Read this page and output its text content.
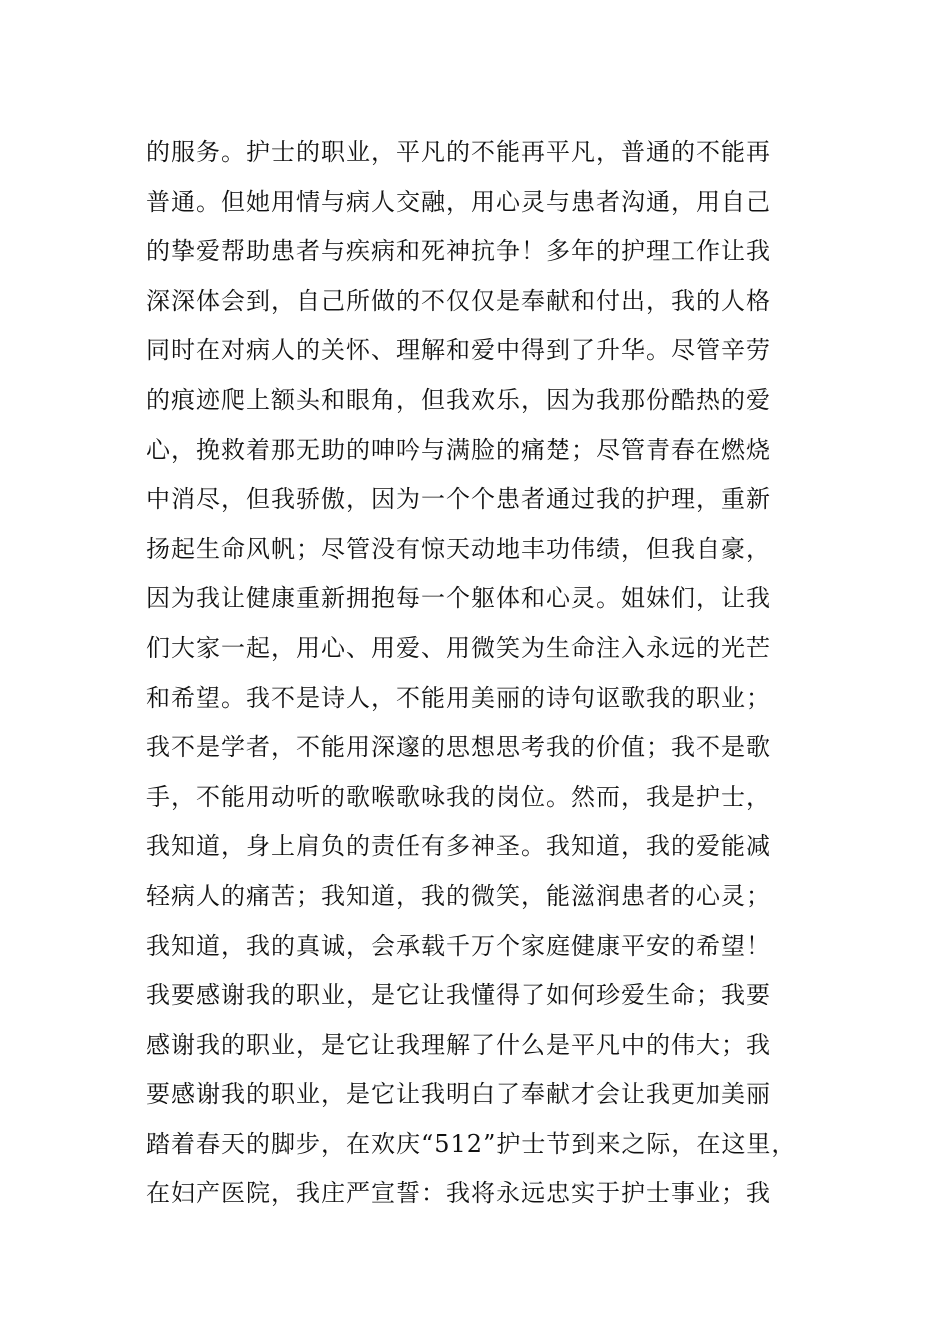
的服务。护士的职业，平凡的不能再平凡，普通的不能再
普通。但她用情与病人交融，用心灵与患者沟通，用自己
的挚爱帮助患者与疾病和死神抗争！多年的护理工作让我
深深体会到，自己所做的不仅仅是奉献和付出，我的人格
同时在对病人的关怀、理解和爱中得到了升华。尽管辛劳
的痕迹爬上额头和眼角，但我欢乐，因为我那份酷热的爱
心，挽救着那无助的呻吟与满脸的痛楚；尽管青春在燃烧
中消尽，但我骄傲，因为一个个患者通过我的护理，重新
扬起生命风帆；尽管没有惊天动地丰功伟绩，但我自豪，
因为我让健康重新拥抱每一个躯体和心灵。姐妹们，让我
们大家一起，用心、用爱、用微笑为生命注入永远的光芒
和希望。我不是诗人，不能用美丽的诗句讴歌我的职业；
我不是学者，不能用深邃的思想思考我的价值；我不是歌
手，不能用动听的歌喉歌咏我的岗位。然而，我是护士，
我知道，身上肩负的责任有多神圣。我知道，我的爱能减
轻病人的痛苦；我知道，我的微笑，能滋润患者的心灵；
我知道，我的真诚，会承载千万个家庭健康平安的希望！
我要感谢我的职业，是它让我懂得了如何珍爱生命；我要
感谢我的职业，是它让我理解了什么是平凡中的伟大；我
要感谢我的职业，是它让我明白了奉献才会让我更加美丽
踏着春天的脚步，在欢庆“512”护士节到来之际，在这里，
在妇产医院，我庄严宣誓：我将永远忠实于护士事业；我
